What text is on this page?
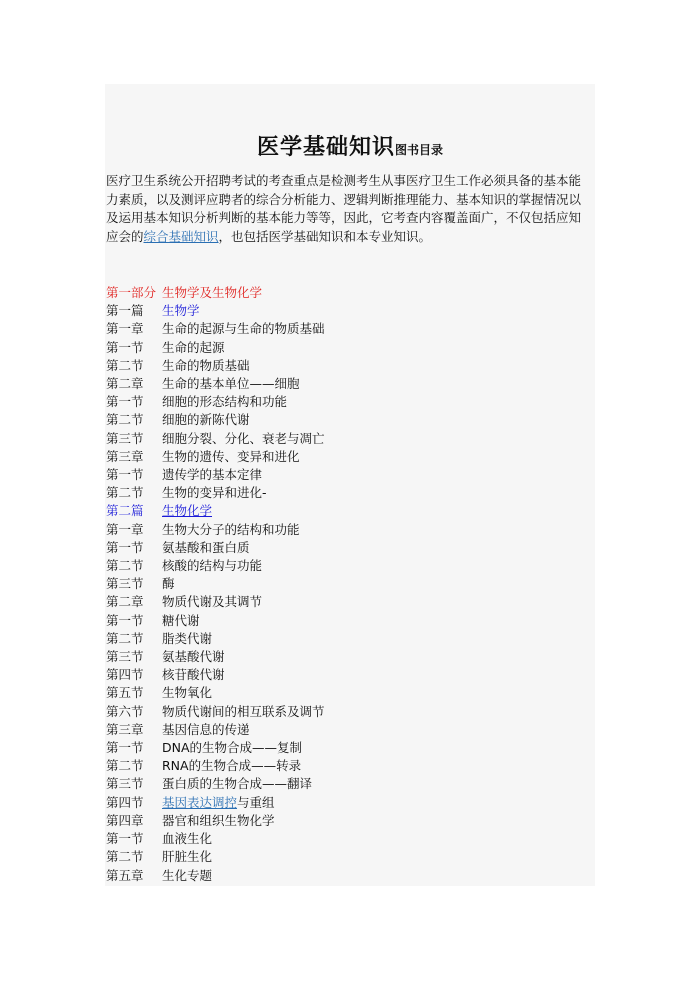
医学基础知识图书目录

医疗卫生系统公开招聘考试的考查重点是检测考生从事医疗卫生工作必须具备的基本能力素质，以及测评应聘者的综合分析能力、逻辑判断推理能力、基本知识的掌握情况以及运用基本知识分析判断的基本能力等等，因此，它考查内容覆盖面广，不仅包括应知应会的综合基础知识，也包括医学基础知识和本专业知识。

第一部分 生物学及生物化学
第一篇 生物学
第一章 生命的起源与生命的物质基础
第一节 生命的起源
第二节 生命的物质基础
第二章 生命的基本单位——细胞
第一节 细胞的形态结构和功能
第二节 细胞的新陈代谢
第三节 细胞分裂、分化、衰老与凋亡
第三章 生物的遗传、变异和进化
第一节 遗传学的基本定律
第二节 生物的变异和进化-
第二篇 生物化学
第一章 生物大分子的结构和功能
第一节 氨基酸和蛋白质
第二节 核酸的结构与功能
第三节 酶
第二章 物质代谢及其调节
第一节 糖代谢
第二节 脂类代谢
第三节 氨基酸代谢
第四节 核苷酸代谢
第五节 生物氧化
第六节 物质代谢间的相互联系及调节
第三章 基因信息的传递
第一节 DNA的生物合成——复制
第二节 RNA的生物合成——转录
第三节 蛋白质的生物合成——翻译
第四节 基因表达调控与重组
第四章 器官和组织生物化学
第一节 血液生化
第二节 肝脏生化
第五章 生化专题
